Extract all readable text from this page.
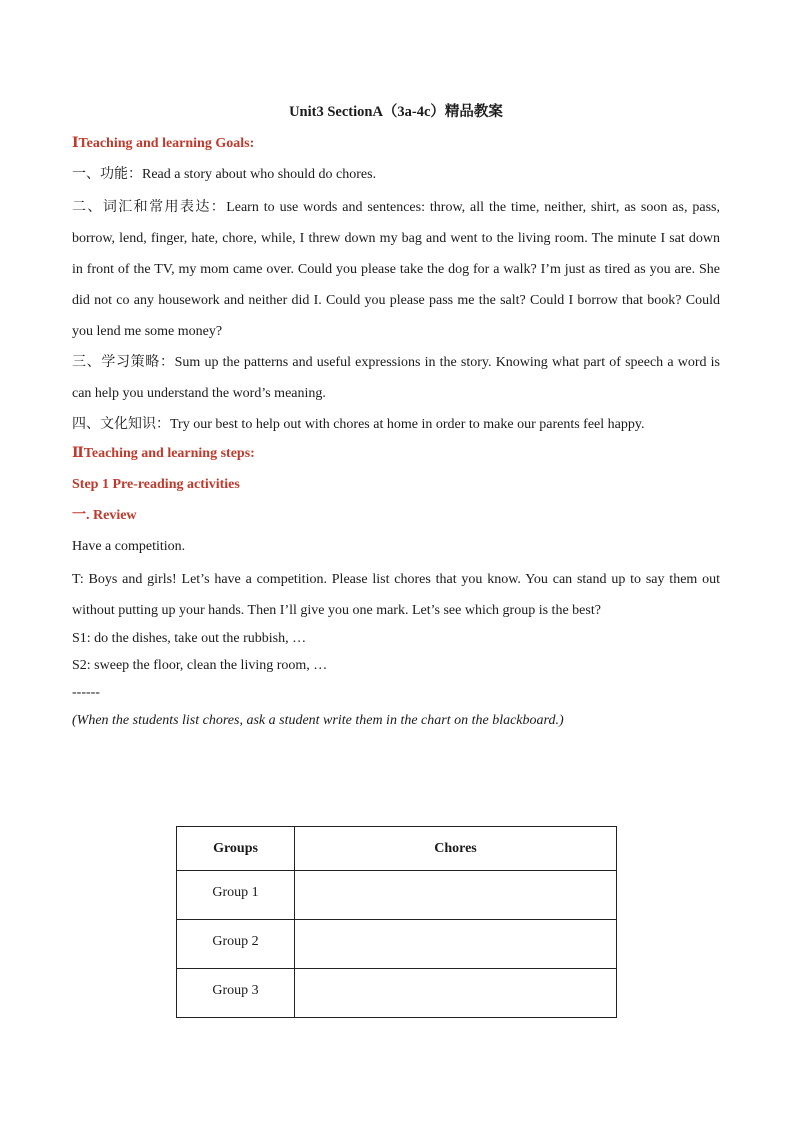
Unit3 SectionA（3a-4c）精品教案
ⅠTeaching and learning Goals:
一、功能：Read a story about who should do chores.
二、词汇和常用表达：Learn to use words and sentences: throw, all the time, neither, shirt, as soon as, pass, borrow, lend, finger, hate, chore, while, I threw down my bag and went to the living room. The minute I sat down in front of the TV, my mom came over. Could you please take the dog for a walk? I’m just as tired as you are. She did not co any housework and neither did I. Could you please pass me the salt? Could I borrow that book? Could you lend me some money?
三、学习策略：Sum up the patterns and useful expressions in the story. Knowing what part of speech a word is can help you understand the word’s meaning.
四、文化知识：Try our best to help out with chores at home in order to make our parents feel happy.
ⅡTeaching and learning steps:
Step 1 Pre-reading activities
一. Review
Have a competition.
T: Boys and girls! Let’s have a competition. Please list chores that you know. You can stand up to say them out without putting up your hands. Then I’ll give you one mark. Let’s see which group is the best?
S1: do the dishes, take out the rubbish, …
S2: sweep the floor, clean the living room, …
------
(When the students list chores, ask a student write them in the chart on the blackboard.)
Groups	Chores
Group 1	
Group 2	
Group 3	
